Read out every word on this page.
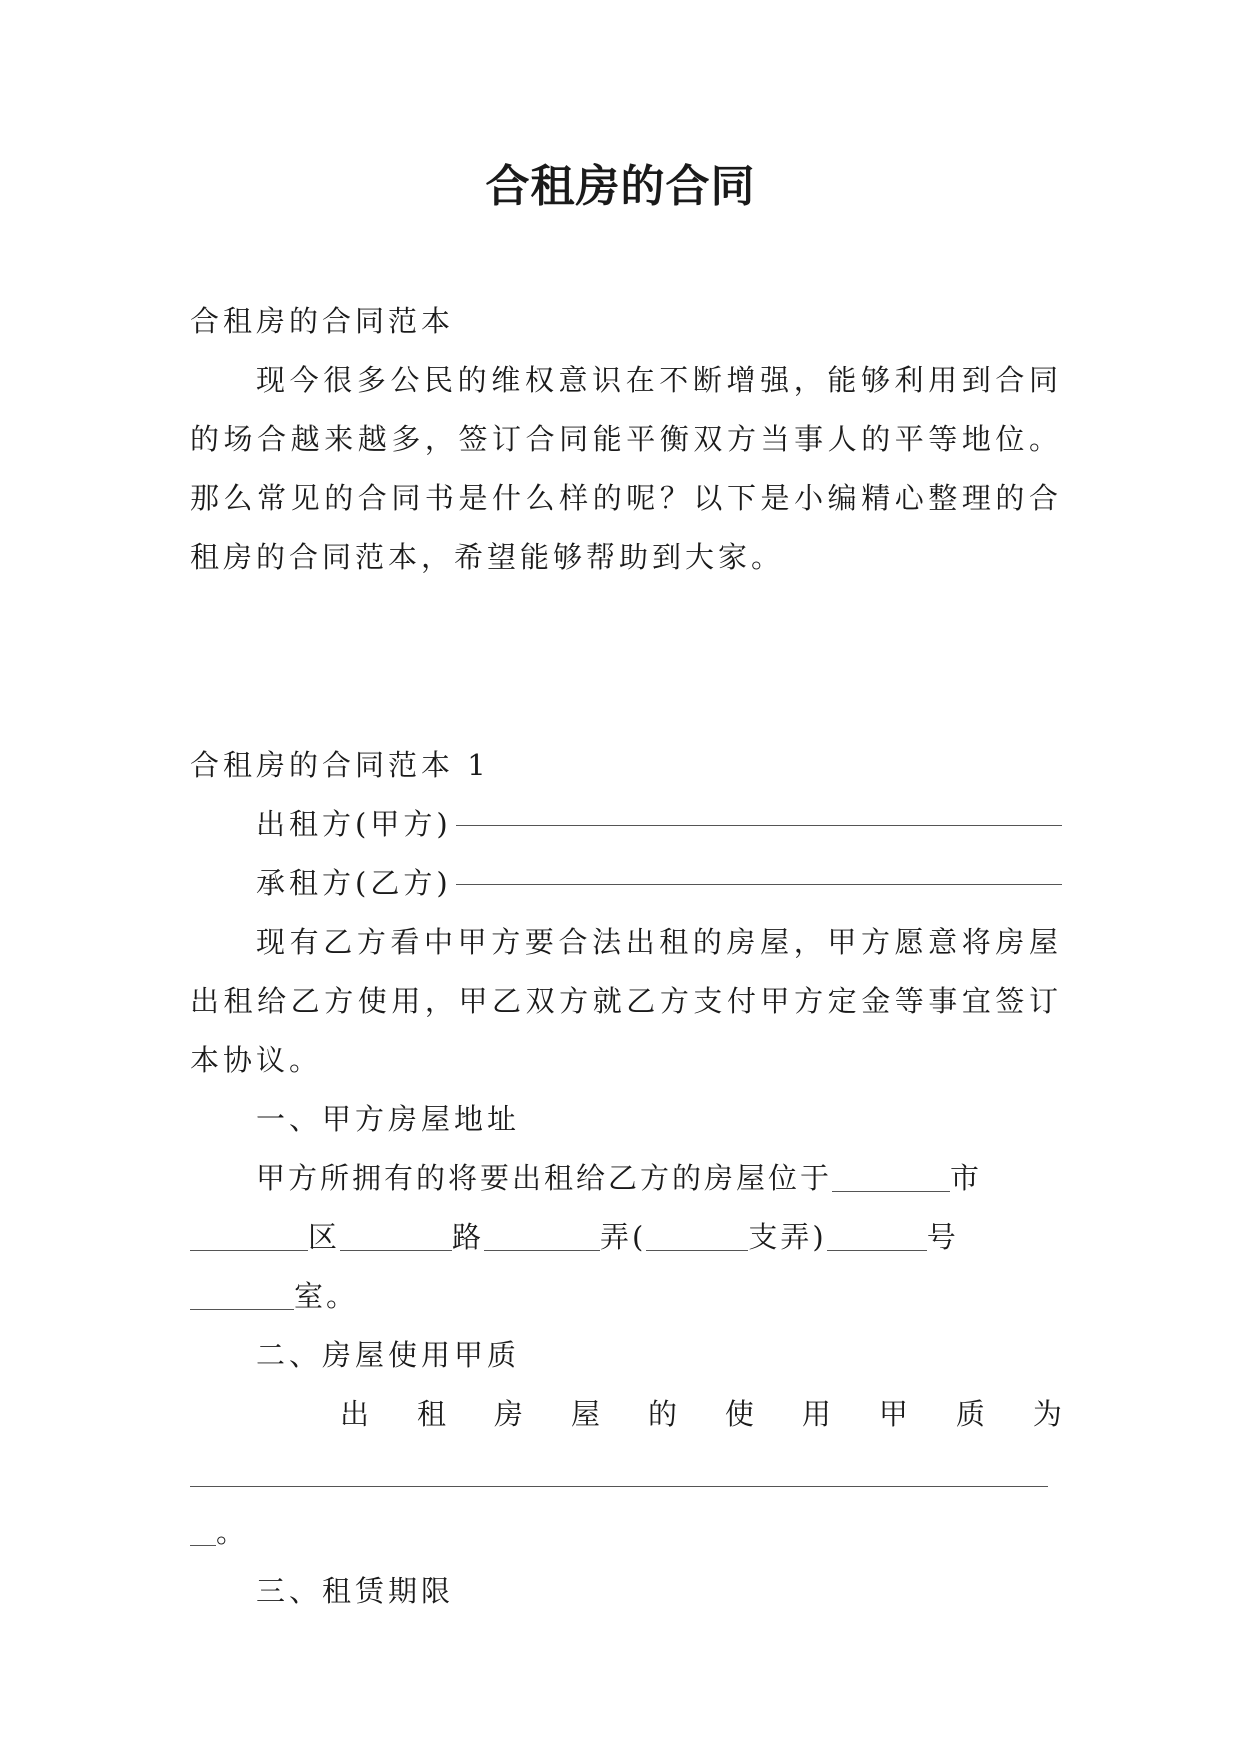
合租房的合同

合租房的合同范本

现今很多公民的维权意识在不断增强，能够利用到合同的场合越来越多，签订合同能平衡双方当事人的平等地位。那么常见的合同书是什么样的呢？以下是小编精心整理的合租房的合同范本，希望能够帮助到大家。

合租房的合同范本 1

出租方(甲方)

承租方(乙方)

现有乙方看中甲方要合法出租的房屋，甲方愿意将房屋出租给乙方使用，甲乙双方就乙方支付甲方定金等事宜签订本协议。

一、甲方房屋地址

甲方所拥有的将要出租给乙方的房屋位于	市
区	路	弄(	支弄)	号
室。

二、房屋使用甲质

出 租 房 屋 的 使 用 甲 质 为

。

三、租赁期限
